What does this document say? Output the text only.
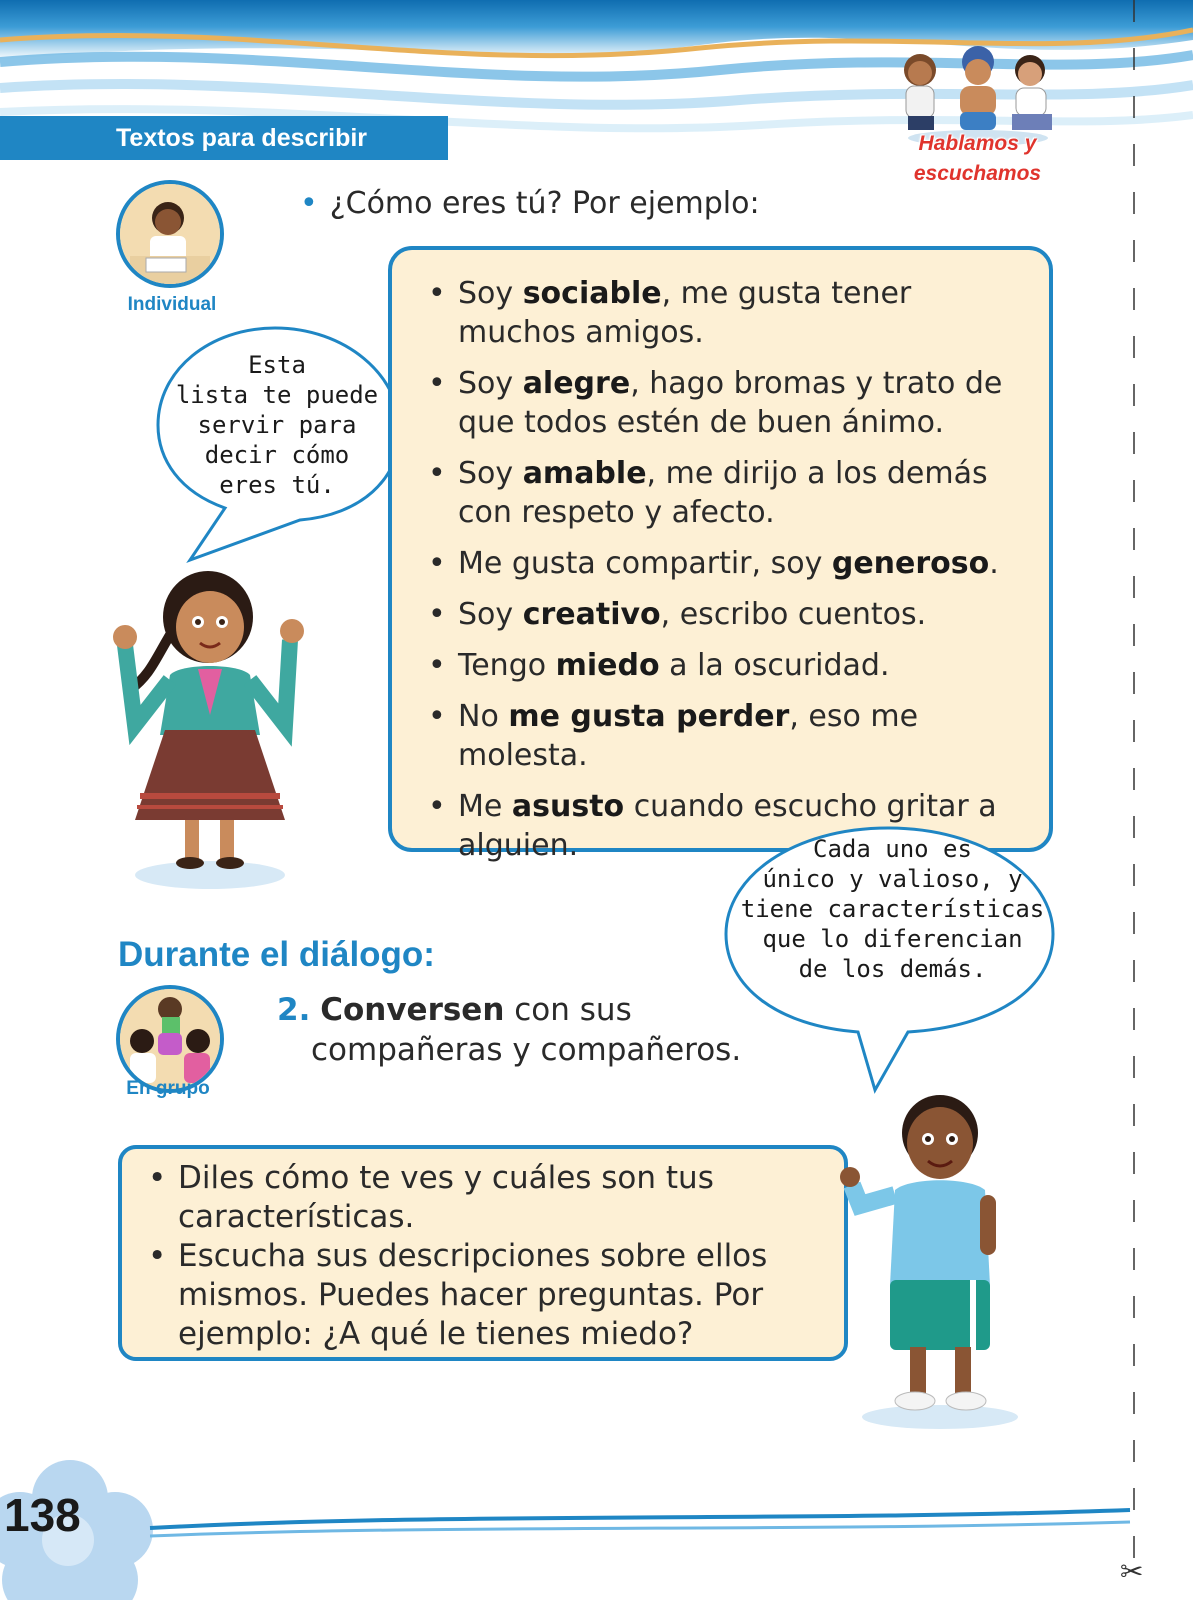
Textos para describir	Hablamos y
escuchamos
✂
Individual
• ¿Cómo eres tú? Por ejemplo:
Esta
lista te puede
servir para
decir cómo
eres tú.
• Soy sociable, me gusta tener muchos amigos.
• Soy alegre, hago bromas y trato de que todos estén de buen ánimo.
• Soy amable, me dirijo a los demás con respeto y afecto.
• Me gusta compartir, soy generoso.
• Soy creativo, escribo cuentos.
• Tengo miedo a la oscuridad.
• No me gusta perder, eso me molesta.
• Me asusto cuando escucho gritar a alguien.	Cada uno es
único y valioso, y
tiene características
que lo diferencian
de los demás.
Durante el diálogo:
En grupo
2. Conversen con sus
compañeras y compañeros.
• Diles cómo te ves y cuáles son tus características.
• Escucha sus descripciones sobre ellos mismos. Puedes hacer preguntas. Por ejemplo: ¿A qué le tienes miedo?
138
